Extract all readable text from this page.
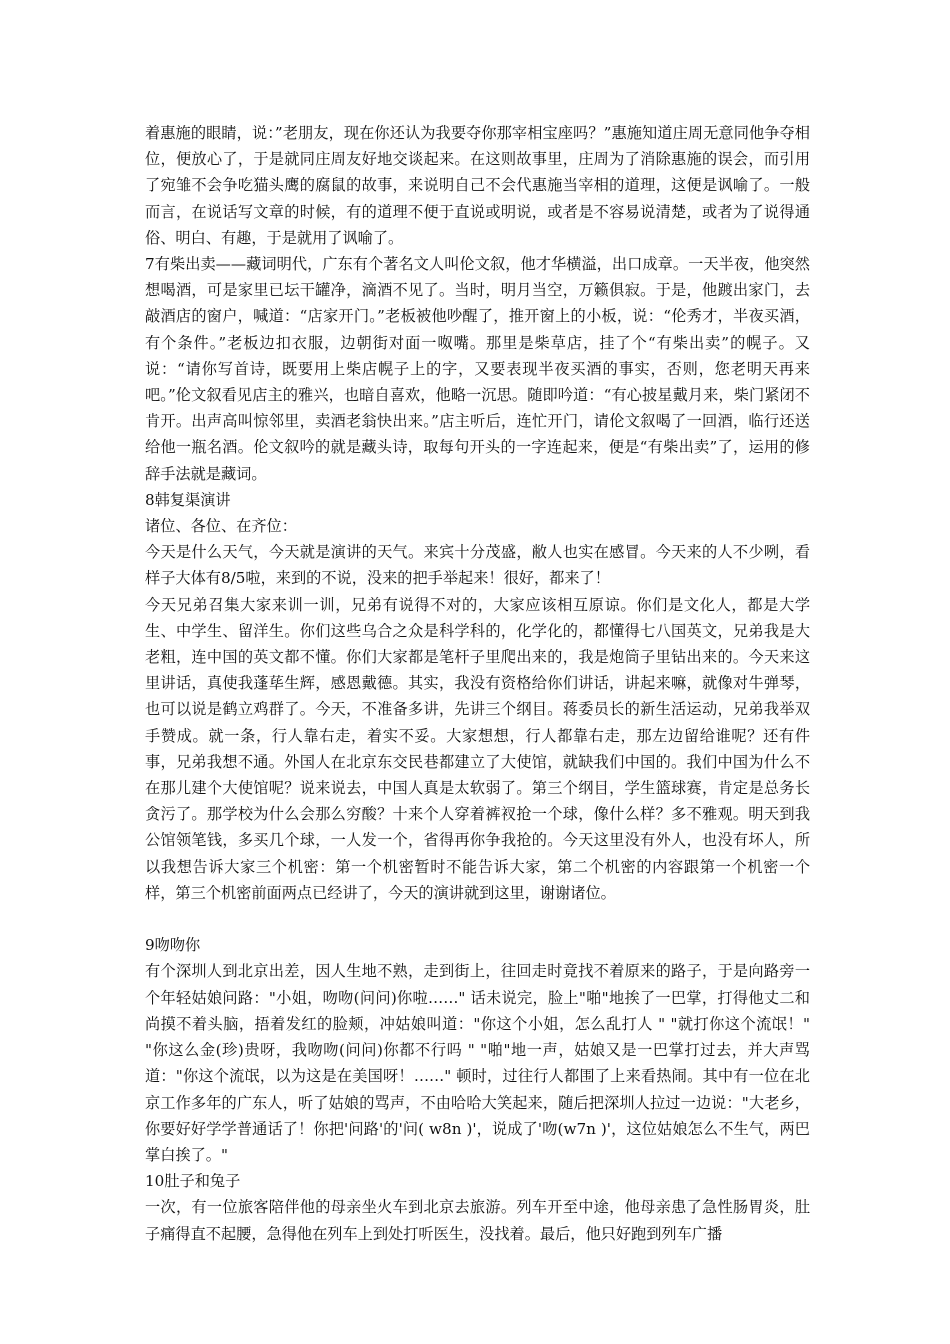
着惠施的眼睛，说：”老朋友，现在你还认为我要夺你那宰相宝座吗？”惠施知道庄周无意同他争夺相位，便放心了，于是就同庄周友好地交谈起来。在这则故事里，庄周为了消除惠施的误会，而引用了宛雏不会争吃猫头鹰的腐鼠的故事，来说明自己不会代惠施当宰相的道理，这便是讽喻了。一般而言，在说话写文章的时候，有的道理不便于直说或明说，或者是不容易说清楚，或者为了说得通俗、明白、有趣，于是就用了讽喻了。

7有柴出卖——藏词明代，广东有个著名文人叫伦文叙，他才华横溢，出口成章。一天半夜，他突然想喝酒，可是家里已坛干罐净，滴酒不见了。当时，明月当空，万籁俱寂。于是，他踱出家门，去敲酒店的窗户，喊道：“店家开门。”老板被他吵醒了，推开窗上的小板，说：“伦秀才，半夜买酒，有个条件。”老板边扣衣服，边朝街对面一呶嘴。那里是柴草店，挂了个“有柴出卖”的幌子。又说：“请你写首诗，既要用上柴店幌子上的字，又要表现半夜买酒的事实，否则，您老明天再来吧。”伦文叙看见店主的雅兴，也暗自喜欢，他略一沉思。随即吟道：“有心披星戴月来，柴门紧闭不肯开。出声高叫惊邻里，卖酒老翁快出来。”店主听后，连忙开门，请伦文叙喝了一回酒，临行还送给他一瓶名酒。伦文叙吟的就是藏头诗，取每句开头的一字连起来，便是“有柴出卖”了，运用的修辞手法就是藏词。

8韩复渠演讲

诸位、各位、在齐位：

今天是什么天气，今天就是演讲的天气。来宾十分茂盛，敝人也实在感冒。今天来的人不少咧，看样子大体有8/5啦，来到的不说，没来的把手举起来！很好，都来了！

今天兄弟召集大家来训一训，兄弟有说得不对的，大家应该相互原谅。你们是文化人，都是大学生、中学生、留洋生。你们这些乌合之众是科学科的，化学化的，都懂得七八国英文，兄弟我是大老粗，连中国的英文都不懂。你们大家都是笔杆子里爬出来的，我是炮筒子里钻出来的。今天来这里讲话，真使我蓬荜生辉，感恩戴德。其实，我没有资格给你们讲话，讲起来嘛，就像对牛弹琴，也可以说是鹤立鸡群了。今天，不准备多讲，先讲三个纲目。蒋委员长的新生活运动，兄弟我举双手赞成。就一条，行人靠右走，着实不妥。大家想想，行人都靠右走，那左边留给谁呢？还有件事，兄弟我想不通。外国人在北京东交民巷都建立了大使馆，就缺我们中国的。我们中国为什么不在那儿建个大使馆呢？说来说去，中国人真是太软弱了。第三个纲目，学生篮球赛，肯定是总务长贪污了。那学校为什么会那么穷酸？十来个人穿着裤衩抢一个球，像什么样？多不雅观。明天到我公馆领笔钱，多买几个球，一人发一个，省得再你争我抢的。今天这里没有外人，也没有坏人，所以我想告诉大家三个机密：第一个机密暂时不能告诉大家，第二个机密的内容跟第一个机密一个样，第三个机密前面两点已经讲了，今天的演讲就到这里，谢谢诸位。

9吻吻你

有个深圳人到北京出差，因人生地不熟，走到街上，往回走时竟找不着原来的路子，于是向路旁一个年轻姑娘问路："小姐，吻吻(问问)你啦……" 话未说完，脸上"啪"地挨了一巴掌，打得他丈二和尚摸不着头脑，捂着发红的脸颊，冲姑娘叫道："你这个小姐，怎么乱打人 " "就打你这个流氓！" "你这么金(珍)贵呀，我吻吻(问问)你都不行吗 " "啪"地一声，姑娘又是一巴掌打过去，并大声骂道："你这个流氓，以为这是在美国呀！……" 顿时，过往行人都围了上来看热闹。其中有一位在北京工作多年的广东人，听了姑娘的骂声，不由哈哈大笑起来，随后把深圳人拉过一边说："大老乡，你要好好学学普通话了！你把'问路'的'问( w8n )'，说成了'吻(w7n )'，这位姑娘怎么不生气，两巴掌白挨了。"

10肚子和兔子

一次，有一位旅客陪伴他的母亲坐火车到北京去旅游。列车开至中途，他母亲患了急性肠胃炎，肚子痛得直不起腰，急得他在列车上到处打听医生，没找着。最后，他只好跑到列车广播
